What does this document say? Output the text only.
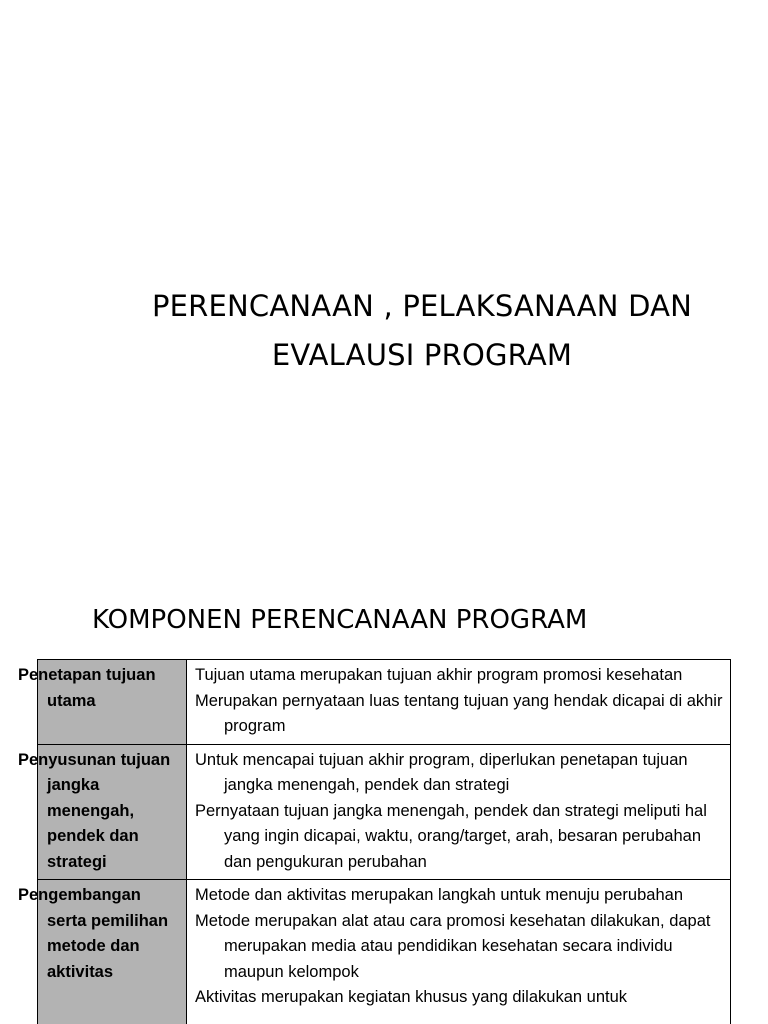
PERENCANAAN , PELAKSANAAN DAN
EVALAUSI PROGRAM
KOMPONEN PERENCANAAN PROGRAM
Penetapan tujuan utama	Tujuan utama merupakan tujuan akhir program promosi kesehatan
Merupakan pernyataan luas tentang tujuan yang hendak dicapai di akhir program

Penyusunan tujuan jangka menengah, pendek dan strategi	Untuk mencapai tujuan akhir program, diperlukan penetapan tujuan jangka menengah, pendek dan strategi
Pernyataan tujuan jangka menengah, pendek dan strategi meliputi hal yang ingin dicapai, waktu, orang/target, arah, besaran perubahan dan pengukuran perubahan

Pengembangan serta pemilihan metode dan aktivitas	Metode dan aktivitas merupakan langkah untuk menuju perubahan
Metode merupakan alat atau cara promosi kesehatan dilakukan, dapat merupakan media atau pendidikan kesehatan secara individu maupun kelompok
Aktivitas merupakan kegiatan khusus yang dilakukan untuk
